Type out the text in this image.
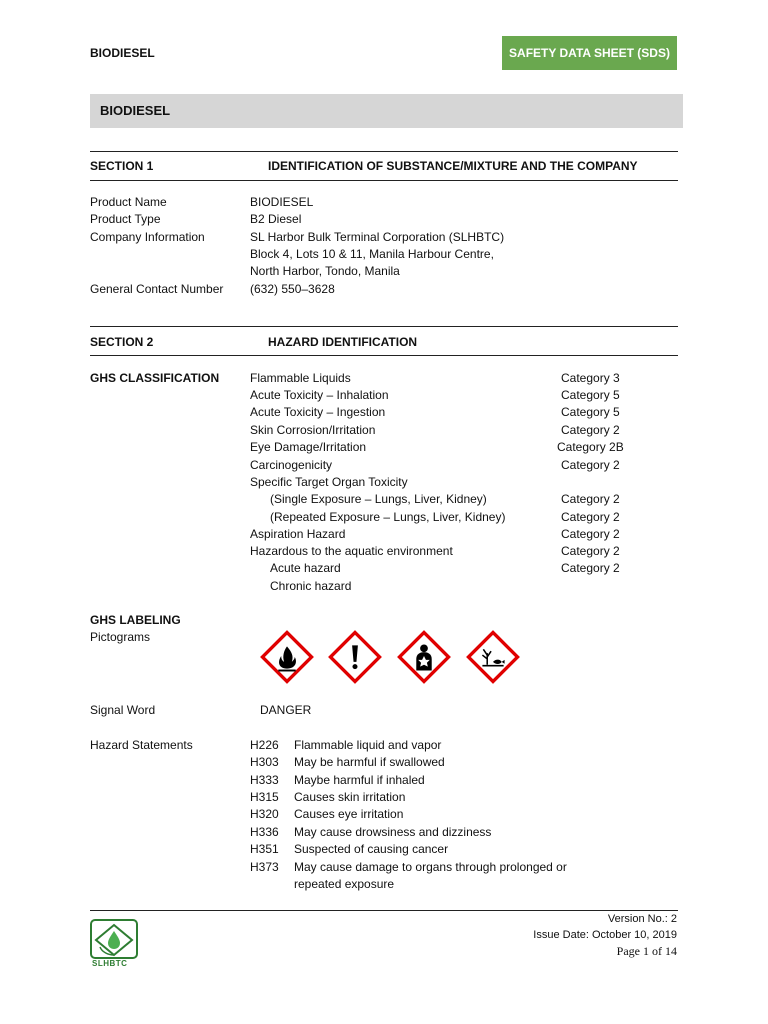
BIODIESEL	SAFETY DATA SHEET (SDS)
BIODIESEL
SECTION 1	IDENTIFICATION OF SUBSTANCE/MIXTURE AND THE COMPANY
Product Name	BIODIESEL
Product Type	B2 Diesel
Company Information	SL Harbor Bulk Terminal Corporation (SLHBTC)
Block 4, Lots 10 & 11, Manila Harbour Centre,
North Harbor, Tondo, Manila
General Contact Number (632) 550–3628
SECTION 2	HAZARD IDENTIFICATION
GHS CLASSIFICATION	Flammable Liquids	Category 3
Acute Toxicity – Inhalation	Category 5
Acute Toxicity – Ingestion	Category 5
Skin Corrosion/Irritation	Category 2
Eye Damage/Irritation	Category 2B
Carcinogenicity	Category 2
Specific Target Organ Toxicity
(Single Exposure – Lungs, Liver, Kidney)	Category 2
(Repeated Exposure – Lungs, Liver, Kidney)	Category 2
Aspiration Hazard	Category 2
Hazardous to the aquatic environment	Category 2
Acute hazard	Category 2
Chronic hazard
GHS LABELING
Pictograms
Signal Word	DANGER
Hazard Statements	H226 Flammable liquid and vapor
H303 May be harmful if swallowed
H333 Maybe harmful if inhaled
H315 Causes skin irritation
H320 Causes eye irritation
H336 May cause drowsiness and dizziness
H351 Suspected of causing cancer
H373 May cause damage to organs through prolonged or
repeated exposure
SLHBTC
Version No.: 2
Issue Date: October 10, 2019
Page 1 of 14
